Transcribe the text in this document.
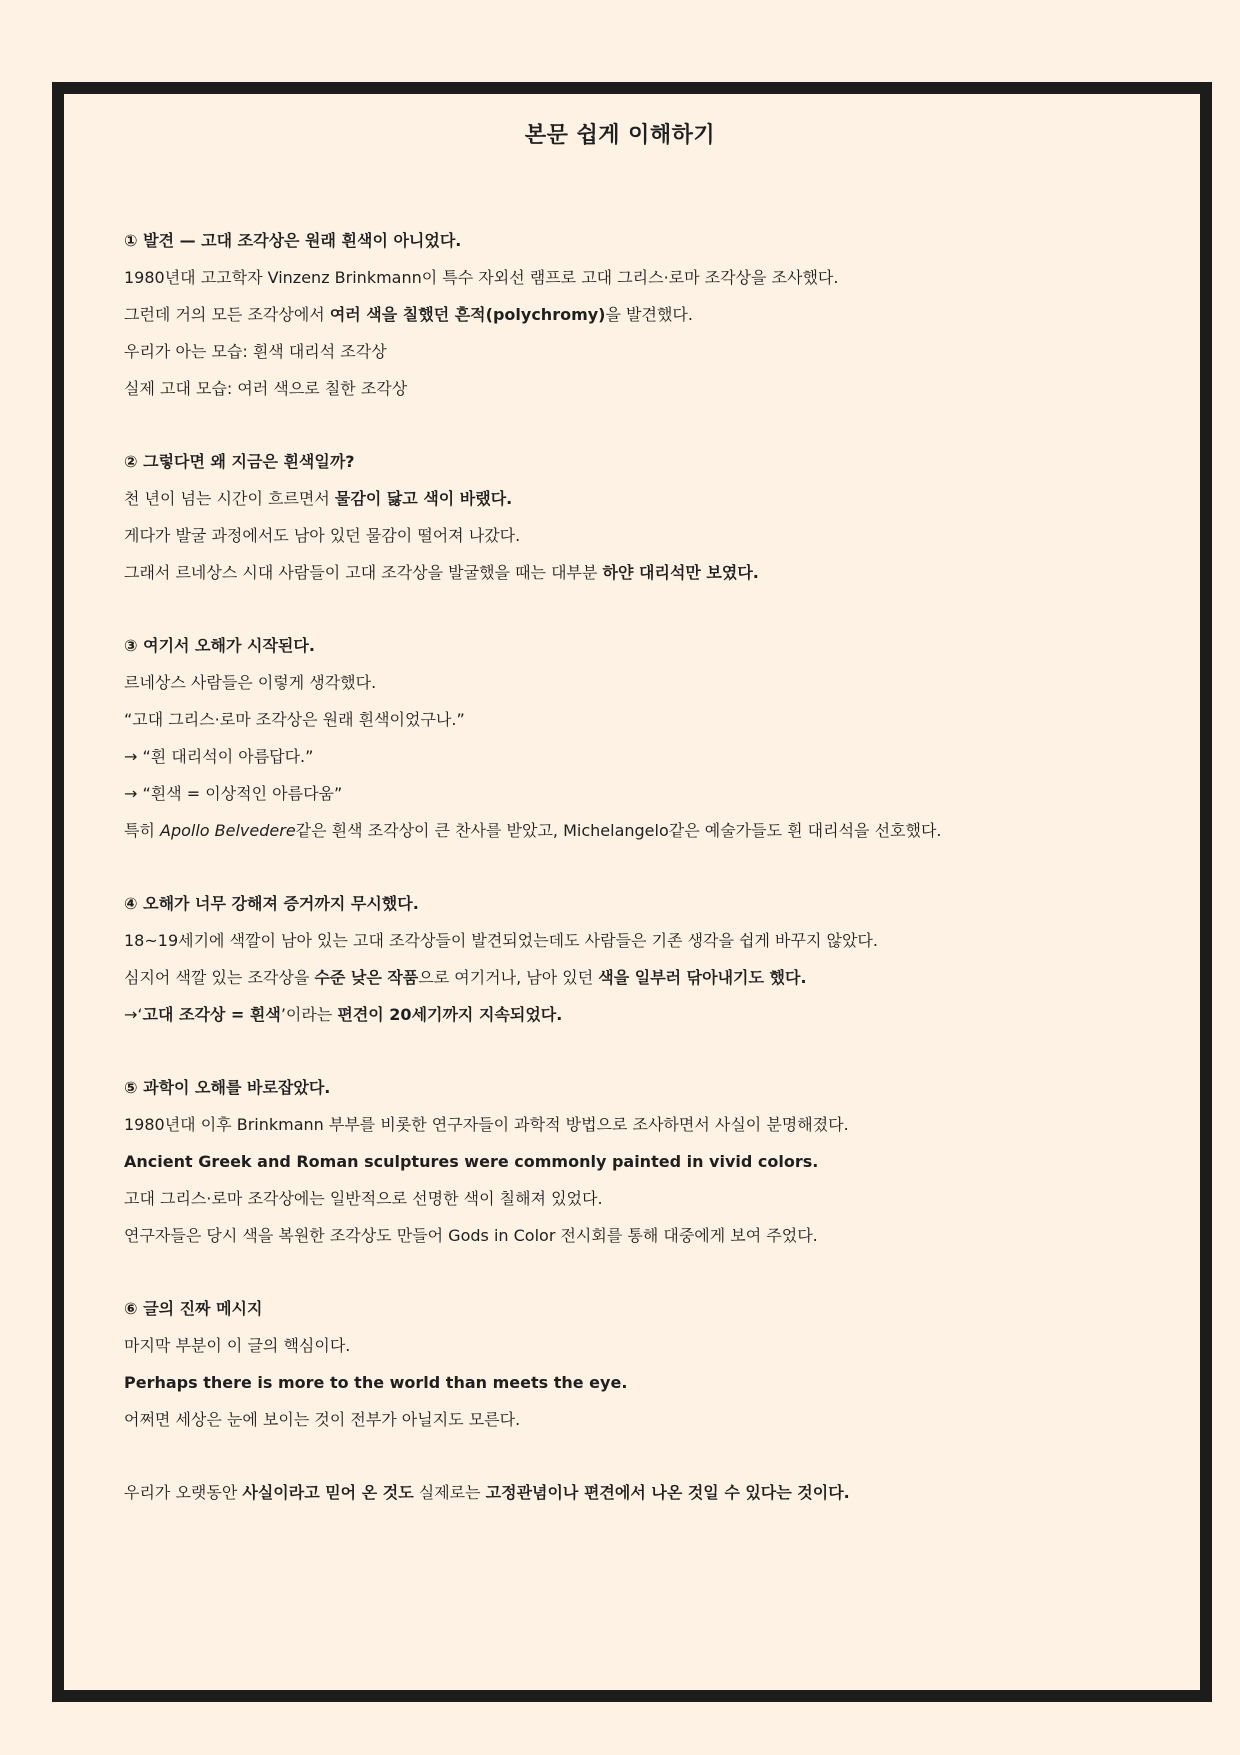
본문 쉽게 이해하기
① 발견 — 고대 조각상은 원래 흰색이 아니었다.
1980년대 고고학자 Vinzenz Brinkmann이 특수 자외선 램프로 고대 그리스·로마 조각상을 조사했다.
그런데 거의 모든 조각상에서 여러 색을 칠했던 흔적(polychromy)을 발견했다.
우리가 아는 모습: 흰색 대리석 조각상
실제 고대 모습: 여러 색으로 칠한 조각상
② 그렇다면 왜 지금은 흰색일까?
천 년이 넘는 시간이 흐르면서 물감이 닳고 색이 바랬다.
게다가 발굴 과정에서도 남아 있던 물감이 떨어져 나갔다.
그래서 르네상스 시대 사람들이 고대 조각상을 발굴했을 때는 대부분 하얀 대리석만 보였다.
③ 여기서 오해가 시작된다.
르네상스 사람들은 이렇게 생각했다.
“고대 그리스·로마 조각상은 원래 흰색이었구나.”
→ “흰 대리석이 아름답다.”
→ “흰색 = 이상적인 아름다움”
특히 Apollo Belvedere같은 흰색 조각상이 큰 찬사를 받았고, Michelangelo같은 예술가들도 흰 대리석을 선호했다.
④ 오해가 너무 강해져 증거까지 무시했다.
18~19세기에 색깔이 남아 있는 고대 조각상들이 발견되었는데도 사람들은 기존 생각을 쉽게 바꾸지 않았다.
심지어 색깔 있는 조각상을 수준 낮은 작품으로 여기거나, 남아 있던 색을 일부러 닦아내기도 했다.
→‘고대 조각상 = 흰색’이라는 편견이 20세기까지 지속되었다.
⑤ 과학이 오해를 바로잡았다.
1980년대 이후 Brinkmann 부부를 비롯한 연구자들이 과학적 방법으로 조사하면서 사실이 분명해졌다.
Ancient Greek and Roman sculptures were commonly painted in vivid colors.
고대 그리스·로마 조각상에는 일반적으로 선명한 색이 칠해져 있었다.
연구자들은 당시 색을 복원한 조각상도 만들어 Gods in Color 전시회를 통해 대중에게 보여 주었다.
⑥ 글의 진짜 메시지
마지막 부분이 이 글의 핵심이다.
Perhaps there is more to the world than meets the eye.
어쩌면 세상은 눈에 보이는 것이 전부가 아닐지도 모른다.
우리가 오랫동안 사실이라고 믿어 온 것도 실제로는 고정관념이나 편견에서 나온 것일 수 있다는 것이다.
